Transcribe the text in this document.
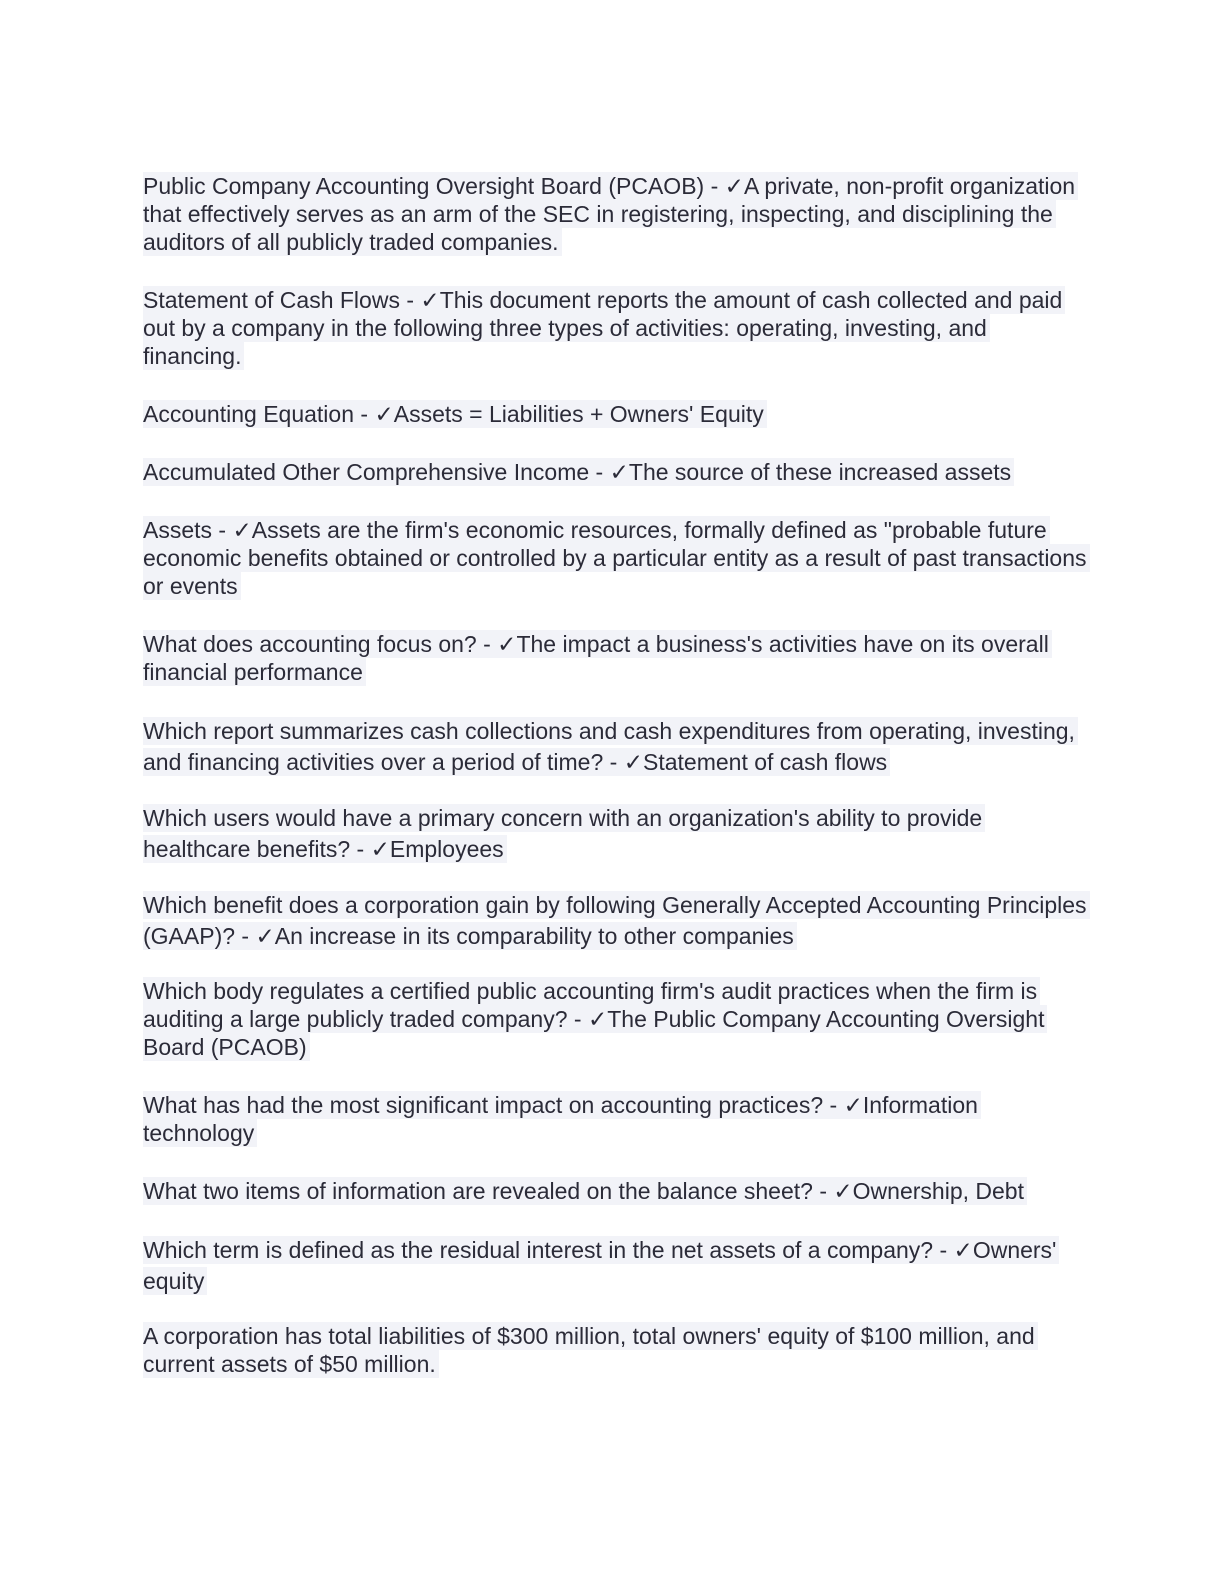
Public Company Accounting Oversight Board (PCAOB) - ✓A private, non-profit organization that effectively serves as an arm of the SEC in registering, inspecting, and disciplining the auditors of all publicly traded companies.

Statement of Cash Flows - ✓This document reports the amount of cash collected and paid out by a company in the following three types of activities: operating, investing, and financing.

Accounting Equation - ✓Assets = Liabilities + Owners' Equity

Accumulated Other Comprehensive Income - ✓The source of these increased assets

Assets - ✓Assets are the firm's economic resources, formally defined as "probable future economic benefits obtained or controlled by a particular entity as a result of past transactions or events

What does accounting focus on? - ✓The impact a business's activities have on its overall financial performance

Which report summarizes cash collections and cash expenditures from operating, investing, and financing activities over a period of time? - ✓Statement of cash flows

Which users would have a primary concern with an organization's ability to provide healthcare benefits? - ✓Employees

Which benefit does a corporation gain by following Generally Accepted Accounting Principles (GAAP)? - ✓An increase in its comparability to other companies

Which body regulates a certified public accounting firm's audit practices when the firm is auditing a large publicly traded company? - ✓The Public Company Accounting Oversight Board (PCAOB)

What has had the most significant impact on accounting practices? - ✓Information technology

What two items of information are revealed on the balance sheet? - ✓Ownership, Debt

Which term is defined as the residual interest in the net assets of a company? - ✓Owners' equity

A corporation has total liabilities of $300 million, total owners' equity of $100 million, and current assets of $50 million.
